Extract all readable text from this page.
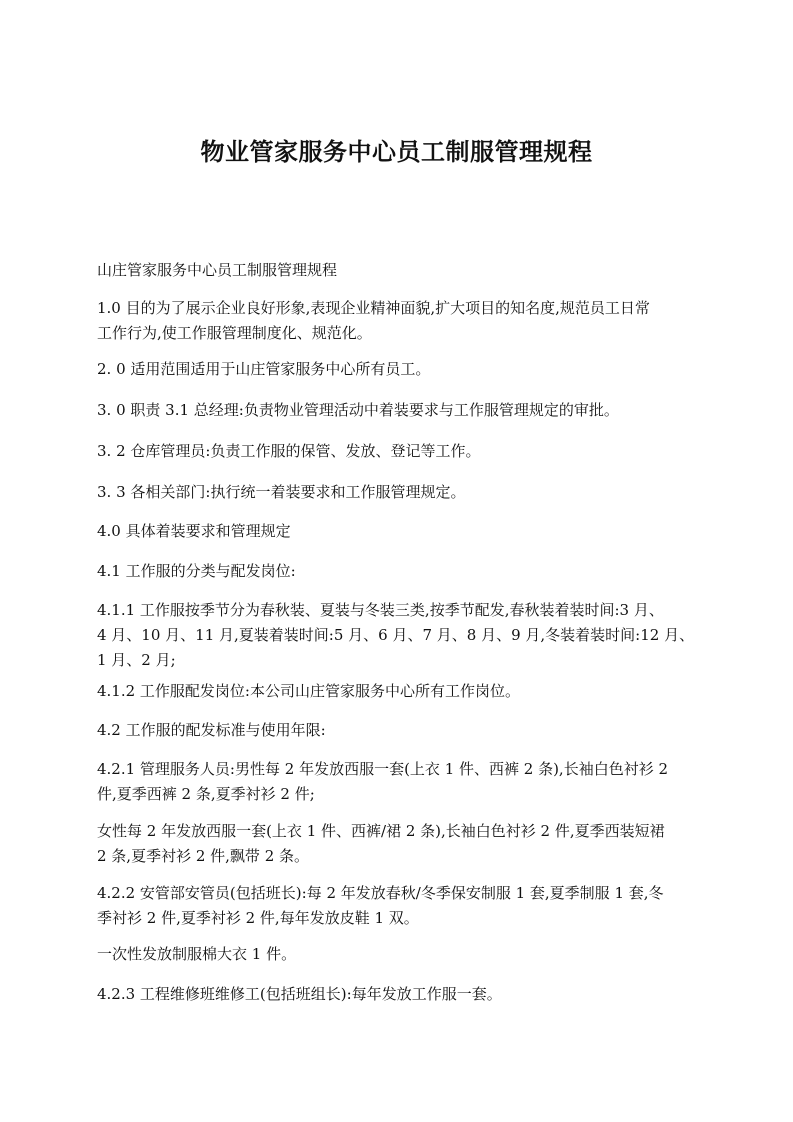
物业管家服务中心员工制服管理规程

山庄管家服务中心员工制服管理规程

1.0 目的为了展示企业良好形象,表现企业精神面貌,扩大项目的知名度,规范员工日常
工作行为,使工作服管理制度化、规范化。

2. 0 适用范围适用于山庄管家服务中心所有员工。

3. 0 职责 3.1 总经理:负责物业管理活动中着装要求与工作服管理规定的审批。

3. 2 仓库管理员:负责工作服的保管、发放、登记等工作。

3. 3 各相关部门:执行统一着装要求和工作服管理规定。

4.0 具体着装要求和管理规定

4.1 工作服的分类与配发岗位:

4.1.1 工作服按季节分为春秋装、夏装与冬装三类,按季节配发,春秋装着装时间:3 月、
4 月、10 月、11 月,夏装着装时间:5 月、6 月、7 月、8 月、9 月,冬装着装时间:12 月、
1 月、2 月;

4.1.2 工作服配发岗位:本公司山庄管家服务中心所有工作岗位。

4.2 工作服的配发标准与使用年限:

4.2.1 管理服务人员:男性每 2 年发放西服一套(上衣 1 件、西裤 2 条),长袖白色衬衫 2
件,夏季西裤 2 条,夏季衬衫 2 件;

女性每 2 年发放西服一套(上衣 1 件、西裤/裙 2 条),长袖白色衬衫 2 件,夏季西装短裙
2 条,夏季衬衫 2 件,飘带 2 条。

4.2.2 安管部安管员(包括班长):每 2 年发放春秋/冬季保安制服 1 套,夏季制服 1 套,冬
季衬衫 2 件,夏季衬衫 2 件,每年发放皮鞋 1 双。

一次性发放制服棉大衣 1 件。

4.2.3 工程维修班维修工(包括班组长):每年发放工作服一套。
